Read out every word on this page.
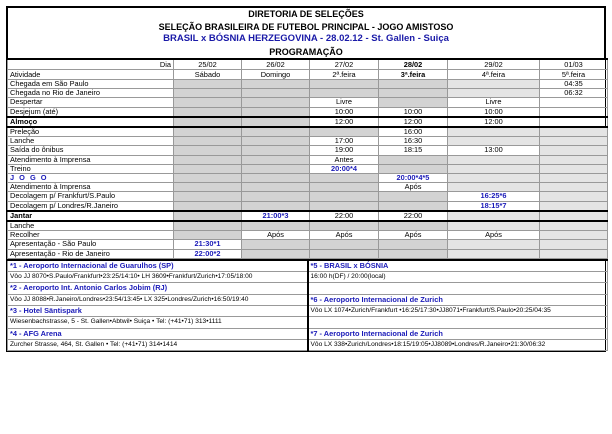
DIRETORIA DE SELEÇÕES
SELEÇÃO BRASILEIRA DE FUTEBOL PRINCIPAL - JOGO AMISTOSO
BRASIL x BÓSNIA HERZEGOVINA - 28.02.12 - St. Gallen - Suiça
PROGRAMAÇÃO
Dia	25/02	26/02	27/02	28/02	29/02	01/03
Atividade	Sábado	Domingo	2ª.feira	3ª.feira	4ª.feira	5ª.feira
Chegada em São Paulo						04:35
Chegada no Rio de Janeiro						06:32
Despertar			Livre		Livre	
Desjejum (até)			10:00	10:00	10:00	
Almoço			12:00	12:00	12:00	
Preleção				16:00		
Lanche			17:00	16:30		
Saída do ônibus			19:00	18:15	13:00	
Atendimento à Imprensa			Antes			
Treino			20:00*4			
J O G O				20:00*4*5		
Atendimento à Imprensa				Após		
Decolagem p/ Frankfurt/S.Paulo					16:25*6	
Decolagem p/ Londres/R.Janeiro					18:15*7	
Jantar		21:00*3	22:00	22:00		
Lanche						
Recolher		Após	Após	Após	Após	
Apresentação - São Paulo	21:30*1					
Apresentação - Rio de Janeiro	22:00*2					
*1 - Aeroporto Internacional de Guarulhos (SP)	*5 - BRASIL x BÓSNIA
Vôo JJ 8070•S.Paulo/Frankfurt•23:25/14:10• LH 3609•Frankfurt/Zurich•17:05/18:00	16:00 h(DF) / 20:00(local)
*2 - Aeroporto Int. Antonio Carlos Jobim (RJ)	
Vôo JJ 8088•R.Janeiro/Londres•23:54/13:45• LX 325•Londres/Zurich•16:50/19:40	*6 - Aeroporto Internacional de Zurich
*3 - Hotel Säntispark	Vôo LX 1074•Zurich/Frankfurt •16:25/17:30•JJ8071•Frankfurt/S.Paulo•20:25/04:35
Wiesenbachstrasse, 5 - St. Gallen•Abtwil• Suiça • Tel: (+41•71) 313•1111	
*4 - AFG Arena	*7 - Aeroporto Internacional de Zurich
Zurcher Strasse, 464, St. Gallen • Tel: (+41•71) 314•1414	Vôo LX 338•Zurich/Londres•18:15/19:05•JJ8089•Londres/R.Janeiro•21:30/06:32
